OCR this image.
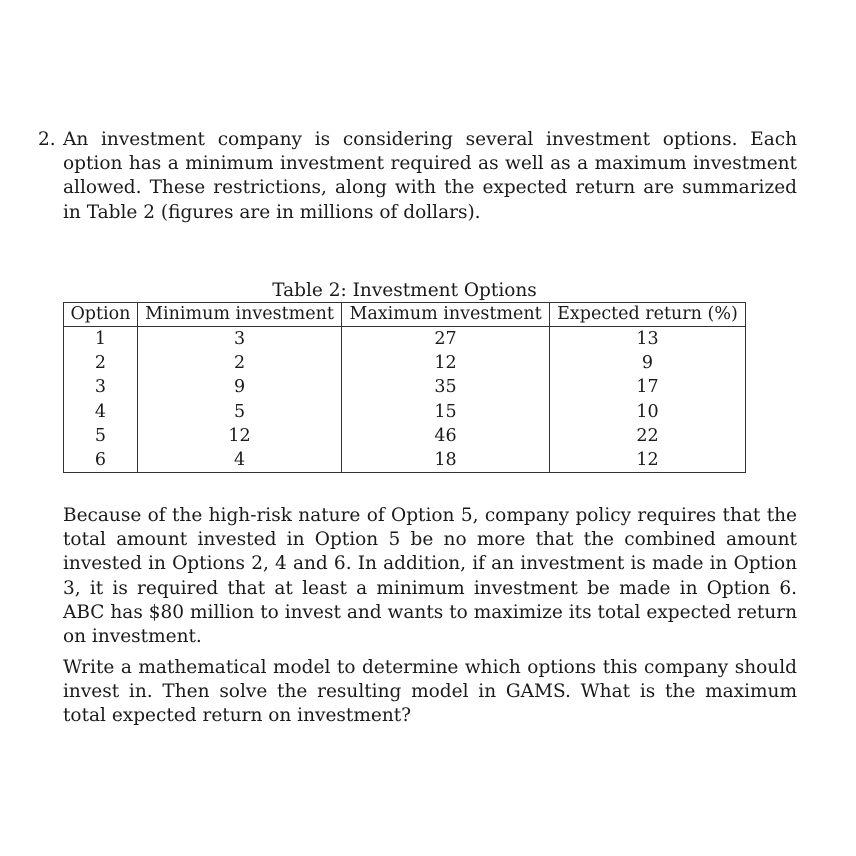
2. An investment company is considering several investment options. Each option has a minimum investment required as well as a maximum investment allowed. These restrictions, along with the expected return are summarized in Table 2 (figures are in millions of dollars).

Table 2: Investment Options
Option	Minimum investment	Maximum investment	Expected return (%)
1	3	27	13
2	2	12	9
3	9	35	17
4	5	15	10
5	12	46	22
6	4	18	12

Because of the high-risk nature of Option 5, company policy requires that the total amount invested in Option 5 be no more that the combined amount invested in Options 2, 4 and 6. In addition, if an investment is made in Option 3, it is required that at least a minimum investment be made in Option 6. ABC has $80 million to invest and wants to maximize its total expected return on investment.

Write a mathematical model to determine which options this company should invest in. Then solve the resulting model in GAMS. What is the maximum total expected return on investment?
